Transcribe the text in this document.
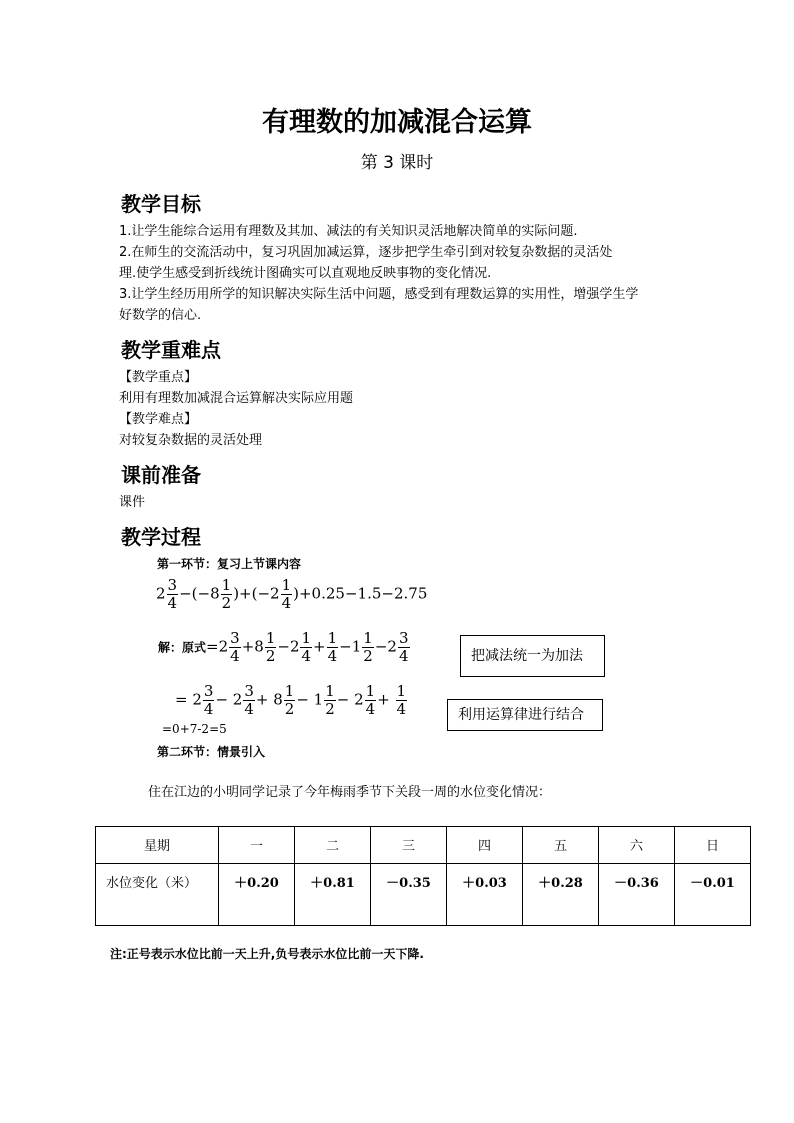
有理数的加减混合运算
第 3 课时
教学目标
1.让学生能综合运用有理数及其加、减法的有关知识灵活地解决简单的实际问题.
2.在师生的交流活动中，复习巩固加减运算，逐步把学生牵引到对较复杂数据的灵活处
理.使学生感受到折线统计图确实可以直观地反映事物的变化情况.
3.让学生经历用所学的知识解决实际生活中问题，感受到有理数运算的实用性，增强学生学
好数学的信心.
教学重难点
【教学重点】
利用有理数加减混合运算解决实际应用题
【教学难点】
对较复杂数据的灵活处理
课前准备
课件
教学过程
第一环节：复习上节课内容
$2 \frac{3}{4} -(-8 \frac{1}{2} )+(-2 \frac{1}{4} )+0.25-1.5-2.75$
解：原式$=2 \frac{3}{4} +8 \frac{1}{2} -2 \frac{1}{4} + \frac{1}{4} -1 \frac{1}{2} -2 \frac{3}{4}$	把减法统一为加法
= $2 \frac{3}{4} - 2 \frac{3}{4} + 8 \frac{1}{2} - 1 \frac{1}{2} - 2 \frac{1}{4} + \frac{1}{4}$	利用运算律进行结合
=0+7-2=5
第二环节：情景引入
住在江边的小明同学记录了今年梅雨季节下关段一周的水位变化情况：
星期	一	二	三	四	五	六	日
水位变化（米）	＋0.20	＋0.81	－0.35	＋0.03	＋0.28	－0.36	－0.01
注:正号表示水位比前一天上升,负号表示水位比前一天下降.
